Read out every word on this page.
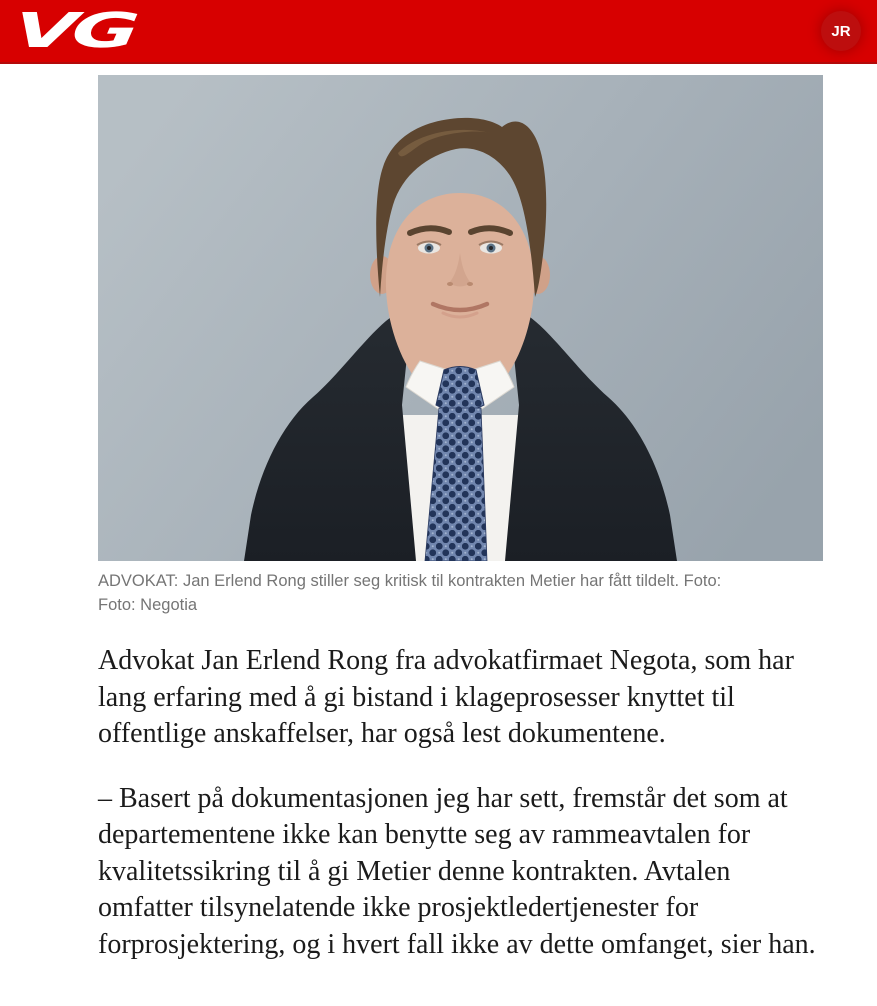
VG	JR
ADVOKAT: Jan Erlend Rong stiller seg kritisk til kontrakten Metier har fått tildelt. Foto:
Foto: Negotia

Advokat Jan Erlend Rong fra advokatfirmaet Negota, som har lang erfaring med å gi bistand i klageprosesser knyttet til offentlige anskaffelser, har også lest dokumentene.

– Basert på dokumentasjonen jeg har sett, fremstår det som at departementene ikke kan benytte seg av rammeavtalen for kvalitetssikring til å gi Metier denne kontrakten. Avtalen omfatter tilsynelatende ikke prosjektledertjenester for forprosjektering, og i hvert fall ikke av dette omfanget, sier han.
